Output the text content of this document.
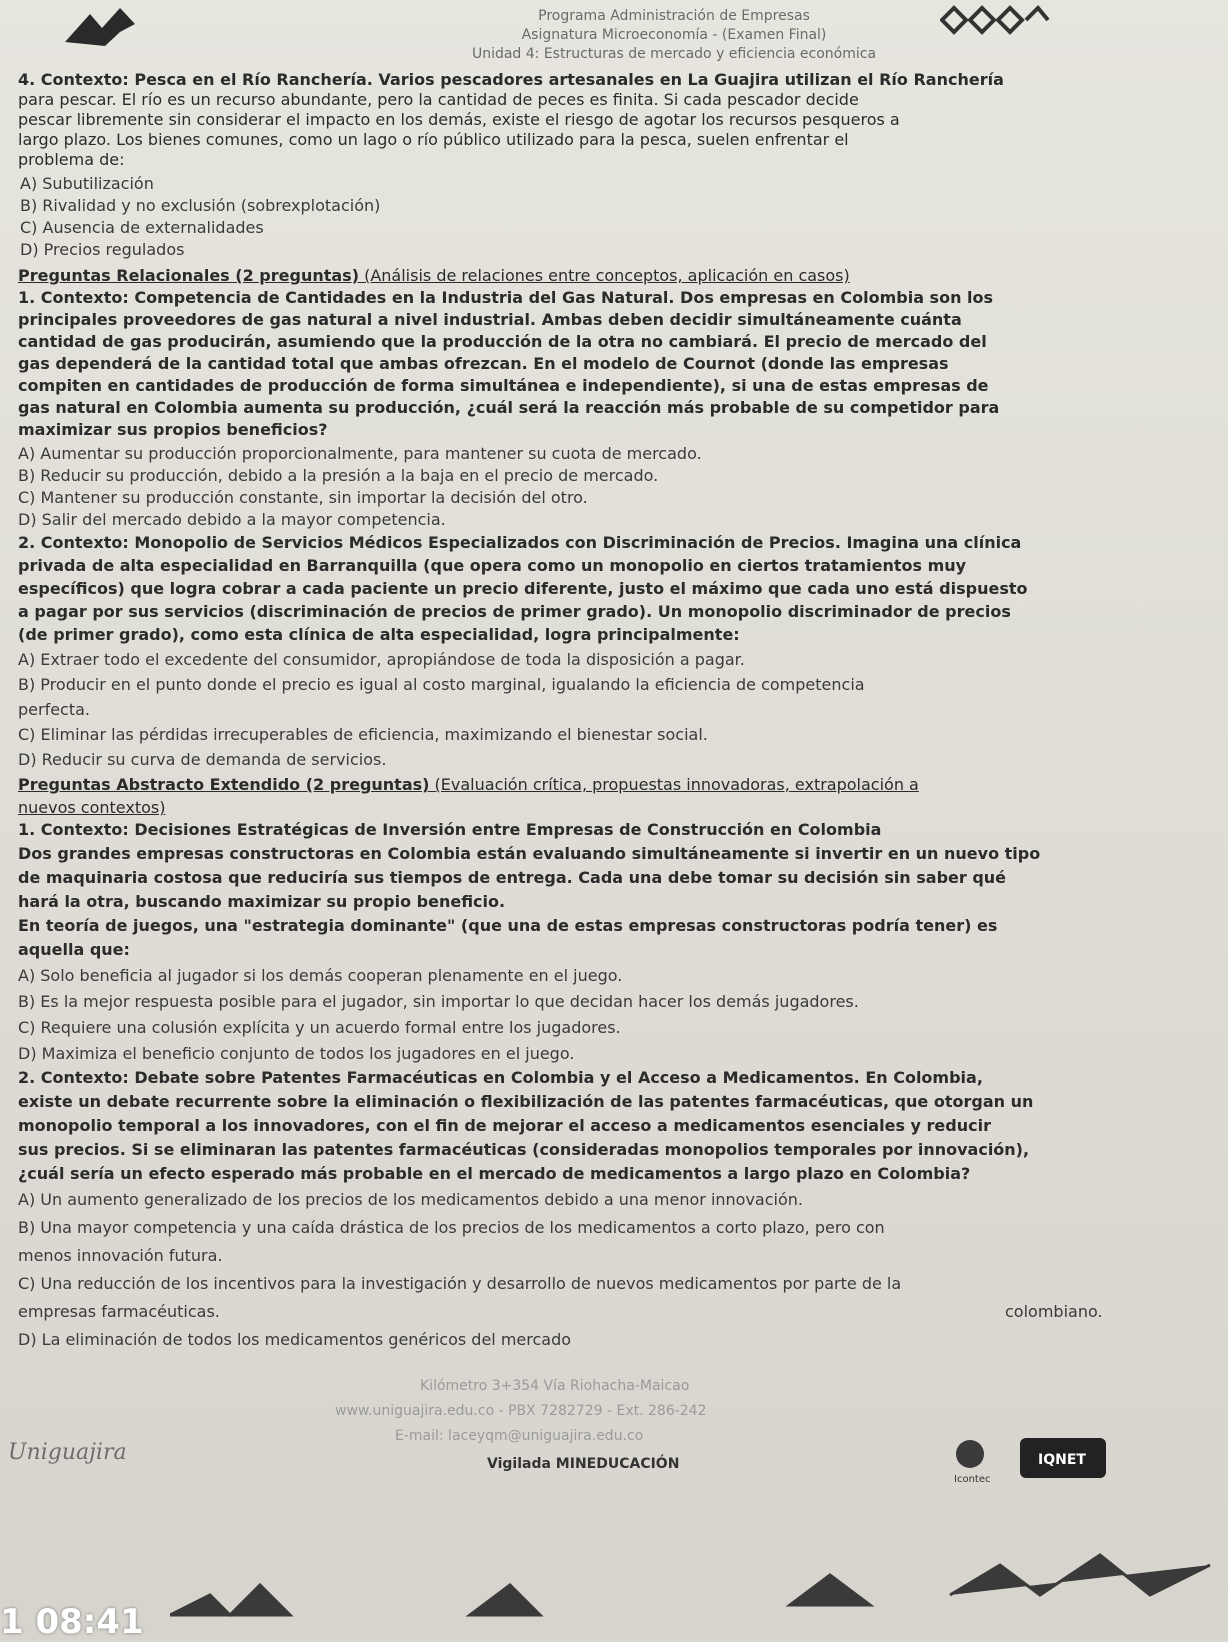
Programa Administración de Empresas
Asignatura Microeconomía - (Examen Final)
Unidad 4: Estructuras de mercado y eficiencia económica
4. Contexto: Pesca en el Río Ranchería. Varios pescadores artesanales en La Guajira utilizan el Río Ranchería
para pescar. El río es un recurso abundante, pero la cantidad de peces es finita. Si cada pescador decide
pescar libremente sin considerar el impacto en los demás, existe el riesgo de agotar los recursos pesqueros a
largo plazo. Los bienes comunes, como un lago o río público utilizado para la pesca, suelen enfrentar el
problema de:
A) Subutilización
B) Rivalidad y no exclusión (sobrexplotación)
C) Ausencia de externalidades
D) Precios regulados
Preguntas Relacionales (2 preguntas) (Análisis de relaciones entre conceptos, aplicación en casos)
1. Contexto: Competencia de Cantidades en la Industria del Gas Natural. Dos empresas en Colombia son los
principales proveedores de gas natural a nivel industrial. Ambas deben decidir simultáneamente cuánta
cantidad de gas producirán, asumiendo que la producción de la otra no cambiará. El precio de mercado del
gas dependerá de la cantidad total que ambas ofrezcan. En el modelo de Cournot (donde las empresas
compiten en cantidades de producción de forma simultánea e independiente), si una de estas empresas de
gas natural en Colombia aumenta su producción, ¿cuál será la reacción más probable de su competidor para
maximizar sus propios beneficios?
A) Aumentar su producción proporcionalmente, para mantener su cuota de mercado.
B) Reducir su producción, debido a la presión a la baja en el precio de mercado.
C) Mantener su producción constante, sin importar la decisión del otro.
D) Salir del mercado debido a la mayor competencia.
2. Contexto: Monopolio de Servicios Médicos Especializados con Discriminación de Precios. Imagina una clínica
privada de alta especialidad en Barranquilla (que opera como un monopolio en ciertos tratamientos muy
específicos) que logra cobrar a cada paciente un precio diferente, justo el máximo que cada uno está dispuesto
a pagar por sus servicios (discriminación de precios de primer grado). Un monopolio discriminador de precios
(de primer grado), como esta clínica de alta especialidad, logra principalmente:
A) Extraer todo el excedente del consumidor, apropiándose de toda la disposición a pagar.
B) Producir en el punto donde el precio es igual al costo marginal, igualando la eficiencia de competencia
perfecta.
C) Eliminar las pérdidas irrecuperables de eficiencia, maximizando el bienestar social.
D) Reducir su curva de demanda de servicios.
Preguntas Abstracto Extendido (2 preguntas) (Evaluación crítica, propuestas innovadoras, extrapolación a
nuevos contextos)
1. Contexto: Decisiones Estratégicas de Inversión entre Empresas de Construcción en Colombia
Dos grandes empresas constructoras en Colombia están evaluando simultáneamente si invertir en un nuevo tipo
de maquinaria costosa que reduciría sus tiempos de entrega. Cada una debe tomar su decisión sin saber qué
hará la otra, buscando maximizar su propio beneficio.
En teoría de juegos, una "estrategia dominante" (que una de estas empresas constructoras podría tener) es
aquella que:
A) Solo beneficia al jugador si los demás cooperan plenamente en el juego.
B) Es la mejor respuesta posible para el jugador, sin importar lo que decidan hacer los demás jugadores.
C) Requiere una colusión explícita y un acuerdo formal entre los jugadores.
D) Maximiza el beneficio conjunto de todos los jugadores en el juego.
2. Contexto: Debate sobre Patentes Farmacéuticas en Colombia y el Acceso a Medicamentos. En Colombia,
existe un debate recurrente sobre la eliminación o flexibilización de las patentes farmacéuticas, que otorgan un
monopolio temporal a los innovadores, con el fin de mejorar el acceso a medicamentos esenciales y reducir
sus precios. Si se eliminaran las patentes farmacéuticas (consideradas monopolios temporales por innovación),
¿cuál sería un efecto esperado más probable en el mercado de medicamentos a largo plazo en Colombia?
A) Un aumento generalizado de los precios de los medicamentos debido a una menor innovación.
B) Una mayor competencia y una caída drástica de los precios de los medicamentos a corto plazo, pero con
menos innovación futura.
C) Una reducción de los incentivos para la investigación y desarrollo de nuevos medicamentos por parte de la
empresas farmacéuticas.
D) La eliminación de todos los medicamentos genéricos del mercado
colombiano.
Kilómetro 3+354 Vía Riohacha-Maicao
www.uniguajira.edu.co - PBX 7282729 - Ext. 286-242
E-mail: laceyqm@uniguajira.edu.co
Vigilada MINEDUCACIÓN
Uniguajira
Icontec
IQNET
1 08:41
